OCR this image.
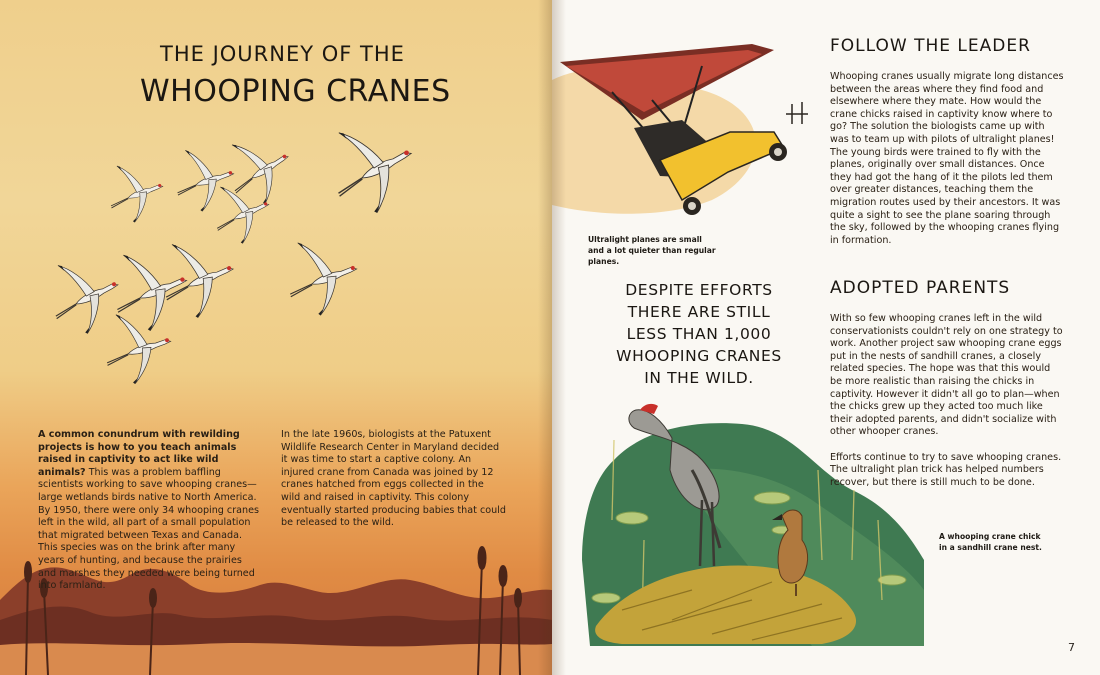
THE JOURNEY OF THE
WHOOPING CRANES
A common conundrum with rewilding projects is how to you teach animals raised in captivity to act like wild animals? This was a problem baffling scientists working to save whooping cranes—large wetlands birds native to North America. By 1950, there were only 34 whooping cranes left in the wild, all part of a small population that migrated between Texas and Canada. This species was on the brink after many years of hunting, and because the prairies and marshes they needed were being turned into farmland.
In the late 1960s, biologists at the Patuxent Wildlife Research Center in Maryland decided it was time to start a captive colony. An injured crane from Canada was joined by 12 cranes hatched from eggs collected in the wild and raised in captivity. This colony eventually started producing babies that could be released to the wild.
Ultralight planes are small and a lot quieter than regular planes.
FOLLOW THE LEADER
Whooping cranes usually migrate long distances between the areas where they find food and elsewhere where they mate. How would the crane chicks raised in captivity know where to go? The solution the biologists came up with was to team up with pilots of ultralight planes! The young birds were trained to fly with the planes, originally over small distances. Once they had got the hang of it the pilots led them over greater distances, teaching them the migration routes used by their ancestors. It was quite a sight to see the plane soaring through the sky, followed by the whooping cranes flying in formation.
DESPITE EFFORTS THERE ARE STILL LESS THAN 1,000 WHOOPING CRANES IN THE WILD.
ADOPTED PARENTS

With so few whooping cranes left in the wild conservationists couldn't rely on one strategy to work. Another project saw whooping crane eggs put in the nests of sandhill cranes, a closely related species. The hope was that this would be more realistic than raising the chicks in captivity. However it didn't all go to plan—when the chicks grew up they acted too much like their adopted parents, and didn't socialize with other whooper cranes.

Efforts continue to try to save whooping cranes. The ultralight plan trick has helped numbers recover, but there is still much to be done.

A whooping crane chick in a sandhill crane nest.
7
